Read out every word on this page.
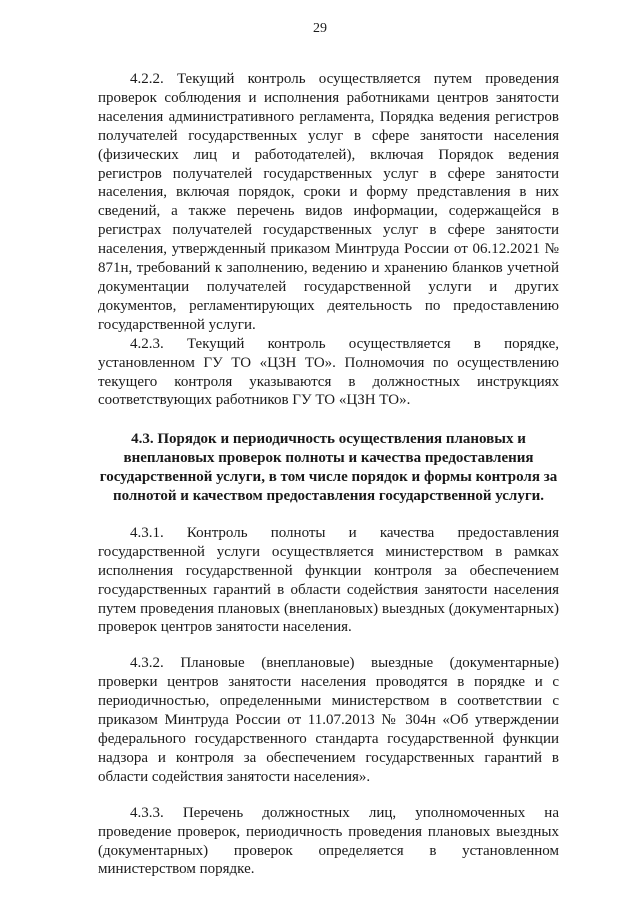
29

4.2.2. Текущий контроль осуществляется путем проведения проверок соблюдения и исполнения работниками центров занятости населения административного регламента, Порядка ведения регистров получателей государственных услуг в сфере занятости населения (физических лиц и работодателей), включая Порядок ведения регистров получателей государственных услуг в сфере занятости населения, включая порядок, сроки и форму представления в них сведений, а также перечень видов информации, содержащейся в регистрах получателей государственных услуг в сфере занятости населения, утвержденный приказом Минтруда России от 06.12.2021 № 871н, требований к заполнению, ведению и хранению бланков учетной документации получателей государственной услуги и других документов, регламентирующих деятельность по предоставлению государственной услуги.

4.2.3. Текущий контроль осуществляется в порядке, установленном ГУ ТО «ЦЗН ТО». Полномочия по осуществлению текущего контроля указываются в должностных инструкциях соответствующих работников ГУ ТО «ЦЗН ТО».

4.3. Порядок и периодичность осуществления плановых и внеплановых проверок полноты и качества предоставления государственной услуги, в том числе порядок и формы контроля за полнотой и качеством предоставления государственной услуги.

4.3.1. Контроль полноты и качества предоставления государственной услуги осуществляется министерством в рамках исполнения государственной функции контроля за обеспечением государственных гарантий в области содействия занятости населения путем проведения плановых (внеплановых) выездных (документарных) проверок центров занятости населения.

4.3.2. Плановые (внеплановые) выездные (документарные) проверки центров занятости населения проводятся в порядке и с периодичностью, определенными министерством в соответствии с приказом Минтруда России от 11.07.2013 № 304н «Об утверждении федерального государственного стандарта государственной функции надзора и контроля за обеспечением государственных гарантий в области содействия занятости населения».

4.3.3. Перечень должностных лиц, уполномоченных на проведение проверок, периодичность проведения плановых выездных (документарных) проверок определяется в установленном министерством порядке.
